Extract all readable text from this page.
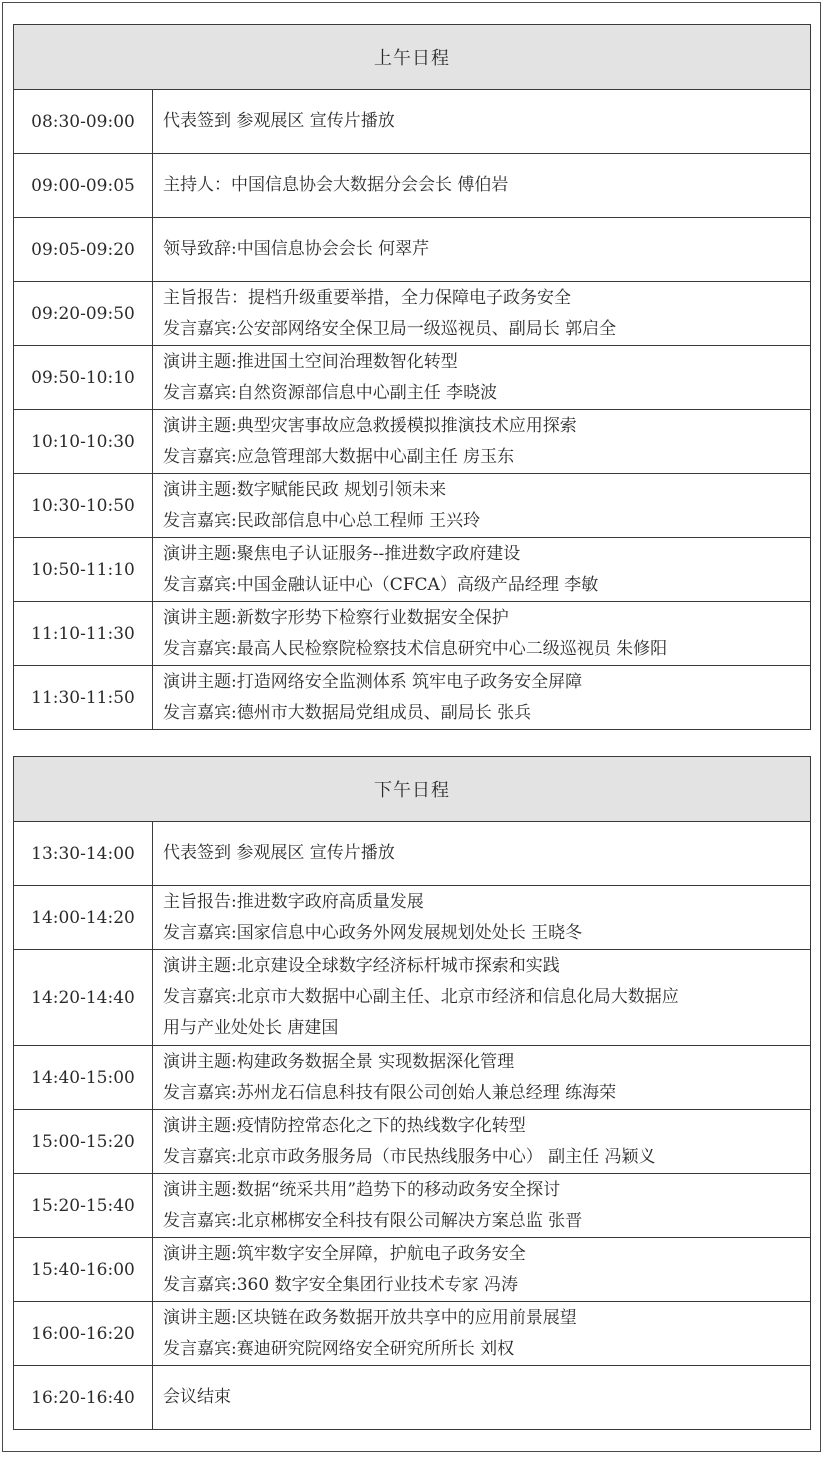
上午日程	
08:30-09:00	代表签到 参观展区 宣传片播放

09:00-09:05	主持人：中国信息协会大数据分会会长 傅伯岩

09:05-09:20	领导致辞:中国信息协会会长 何翠芹

09:20-09:50	主旨报告：提档升级重要举措，全力保障电子政务安全
发言嘉宾:公安部网络安全保卫局一级巡视员、副局长 郭启全

09:50-10:10	演讲主题:推进国土空间治理数智化转型
发言嘉宾:自然资源部信息中心副主任 李晓波

10:10-10:30	演讲主题:典型灾害事故应急救援模拟推演技术应用探索
发言嘉宾:应急管理部大数据中心副主任 房玉东

10:30-10:50	演讲主题:数字赋能民政 规划引领未来
发言嘉宾:民政部信息中心总工程师 王兴玲

10:50-11:10	演讲主题:聚焦电子认证服务--推进数字政府建设
发言嘉宾:中国金融认证中心（CFCA）高级产品经理 李敏

11:10-11:30	演讲主题:新数字形势下检察行业数据安全保护
发言嘉宾:最高人民检察院检察技术信息研究中心二级巡视员 朱修阳

11:30-11:50	演讲主题:打造网络安全监测体系 筑牢电子政务安全屏障
发言嘉宾:德州市大数据局党组成员、副局长 张兵
下午日程	
13:30-14:00	代表签到 参观展区 宣传片播放

14:00-14:20	主旨报告:推进数字政府高质量发展
发言嘉宾:国家信息中心政务外网发展规划处处长 王晓冬

14:20-14:40	演讲主题:北京建设全球数字经济标杆城市探索和实践
发言嘉宾:北京市大数据中心副主任、北京市经济和信息化局大数据应
用与产业处处长 唐建国

14:40-15:00	演讲主题:构建政务数据全景 实现数据深化管理
发言嘉宾:苏州龙石信息科技有限公司创始人兼总经理 练海荣

15:00-15:20	演讲主题:疫情防控常态化之下的热线数字化转型
发言嘉宾:北京市政务服务局（市民热线服务中心） 副主任 冯颖义

15:20-15:40	演讲主题:数据“统采共用”趋势下的移动政务安全探讨
发言嘉宾:北京郴梆安全科技有限公司解决方案总监 张晋

15:40-16:00	演讲主题:筑牢数字安全屏障，护航电子政务安全
发言嘉宾:360 数字安全集团行业技术专家 冯涛

16:00-16:20	演讲主题:区块链在政务数据开放共享中的应用前景展望
发言嘉宾:赛迪研究院网络安全研究所所长 刘权

16:20-16:40	会议结束
